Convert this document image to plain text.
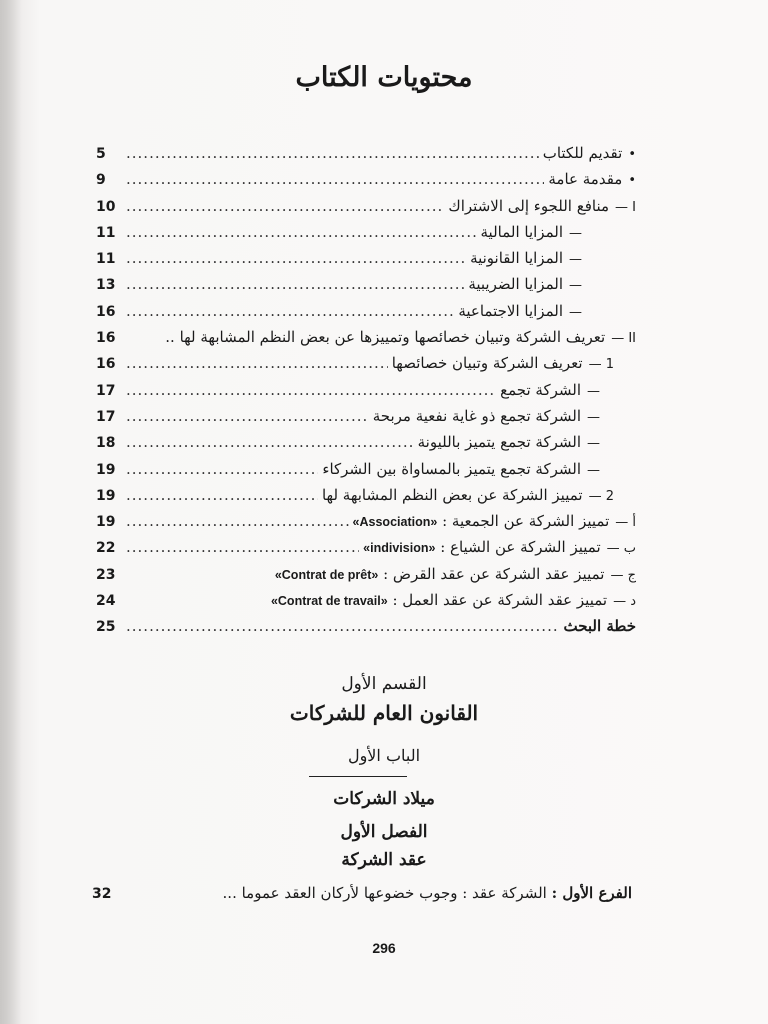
محتويات الكتاب
•تقديم للكتاب
.....
5
•مقدمة عامة
.....
9
I —منافع اللجوء إلى الاشتراك
.....
10
—المزايا المالية
.....
11
—المزايا القانونية
.....
11
—المزايا الضريبية
.....
13
—المزايا الاجتماعية
.....
16
II —تعريف الشركة وتبيان خصائصها وتمييزها عن بعض النظم المشابهة لها ..
16
1 —تعريف الشركة وتبيان خصائصها
.....
16
—الشركة تجمع
.....
17
—الشركة تجمع ذو غاية نفعية مربحة
.....
17
—الشركة تجمع يتميز بالليونة
.....
18
—الشركة تجمع يتميز بالمساواة بين الشركاء
.....
19
2 —تمييز الشركة عن بعض النظم المشابهة لها
.....
19
أ —تمييز الشركة عن الجمعية : «Association»
.....
19
ب —تمييز الشركة عن الشياع : «indivision»
.....
22
ج —تمييز عقد الشركة عن عقد القرض : «Contrat de prêt»
23
د —تمييز عقد الشركة عن عقد العمل : «Contrat de travail»
24
خطة البحث
.....
25
القسم الأول
القانون العام للشركات
الباب الأول
ميلاد الشركات
الفصل الأول
عقد الشركة
الفرع الأول : الشركة عقد : وجوب خضوعها لأركان العقد عموما ...
32
296
